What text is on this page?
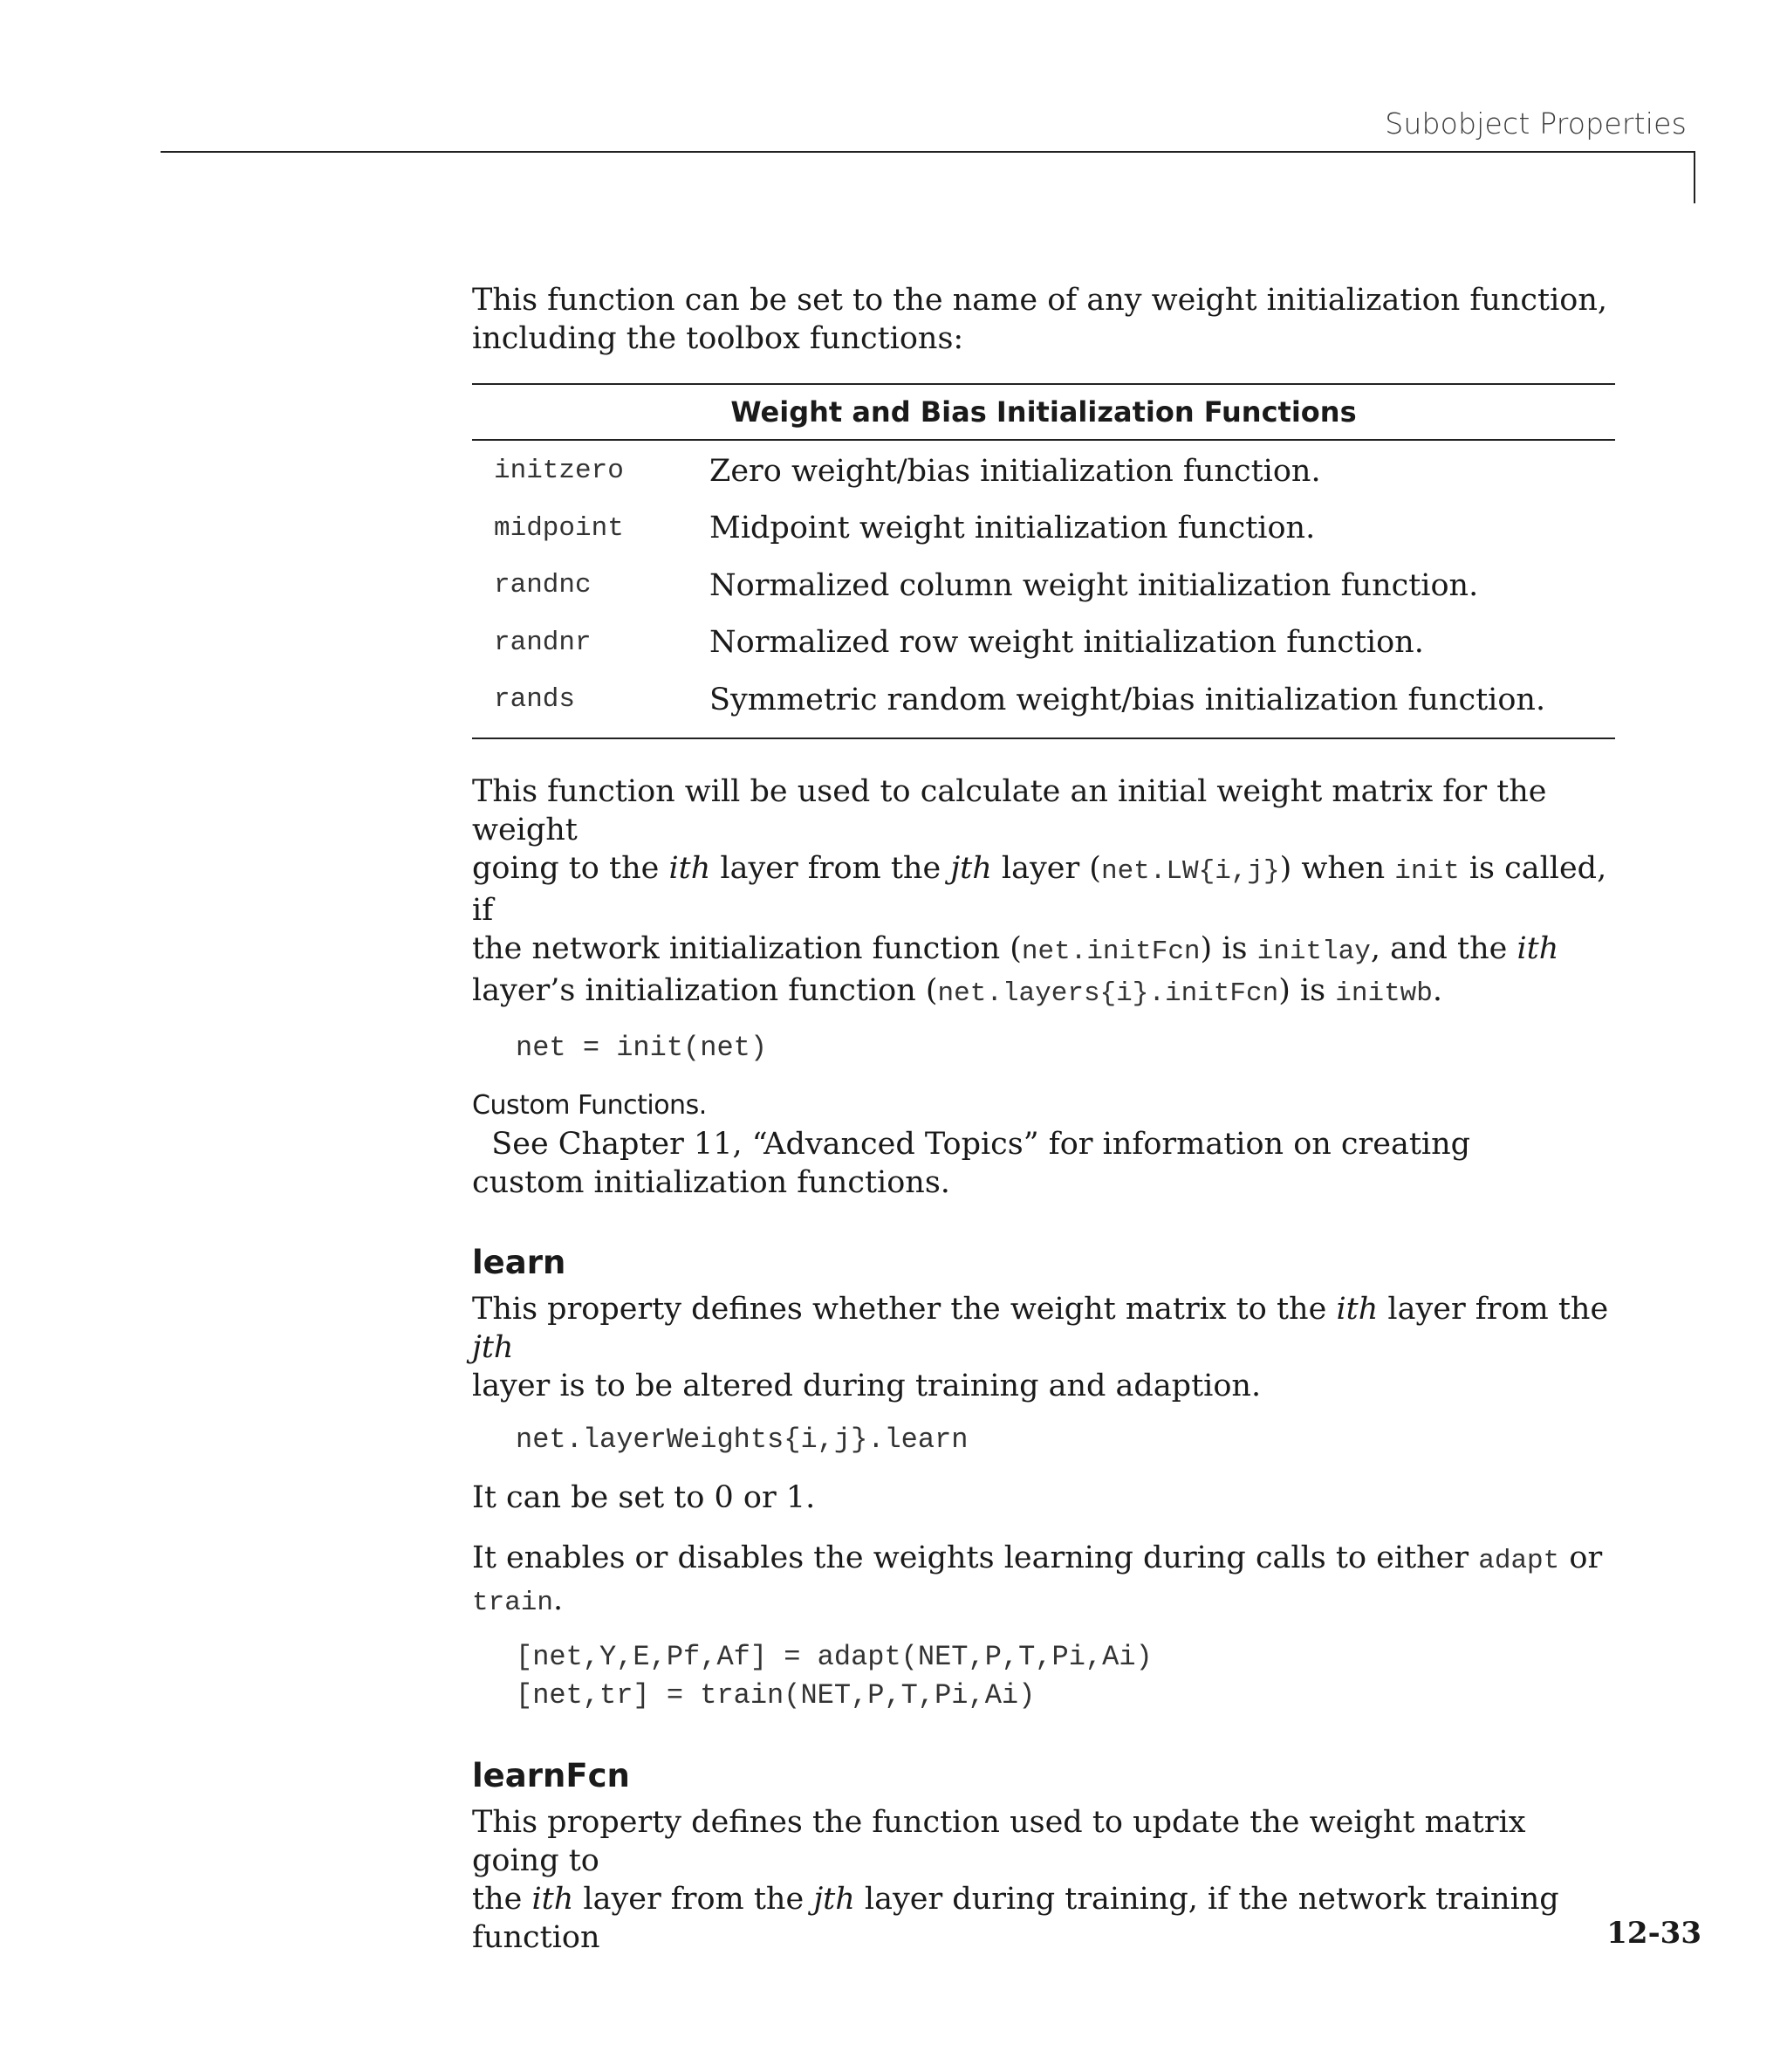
Subobject Properties

This function can be set to the name of any weight initialization function,
including the toolbox functions:

Weight and Bias Initialization Functions
initzero	Zero weight/bias initialization function.
midpoint	Midpoint weight initialization function.
randnc	Normalized column weight initialization function.
randnr	Normalized row weight initialization function.
rands	Symmetric random weight/bias initialization function.

This function will be used to calculate an initial weight matrix for the weight
going to the ith layer from the jth layer (net.LW{i,j}) when init is called, if
the network initialization function (net.initFcn) is initlay, and the ith
layer’s initialization function (net.layers{i}.initFcn) is initwb.

net = init(net)

Custom Functions.  See Chapter 11, “Advanced Topics” for information on creating
custom initialization functions.

learn

This property defines whether the weight matrix to the ith layer from the jth
layer is to be altered during training and adaption.

net.layerWeights{i,j}.learn

It can be set to 0 or 1.

It enables or disables the weights learning during calls to either adapt or
train.

[net,Y,E,Pf,Af] = adapt(NET,P,T,Pi,Ai)
[net,tr] = train(NET,P,T,Pi,Ai)
learnFcn

This property defines the function used to update the weight matrix going to
the ith layer from the jth layer during training, if the network training function	12-33
